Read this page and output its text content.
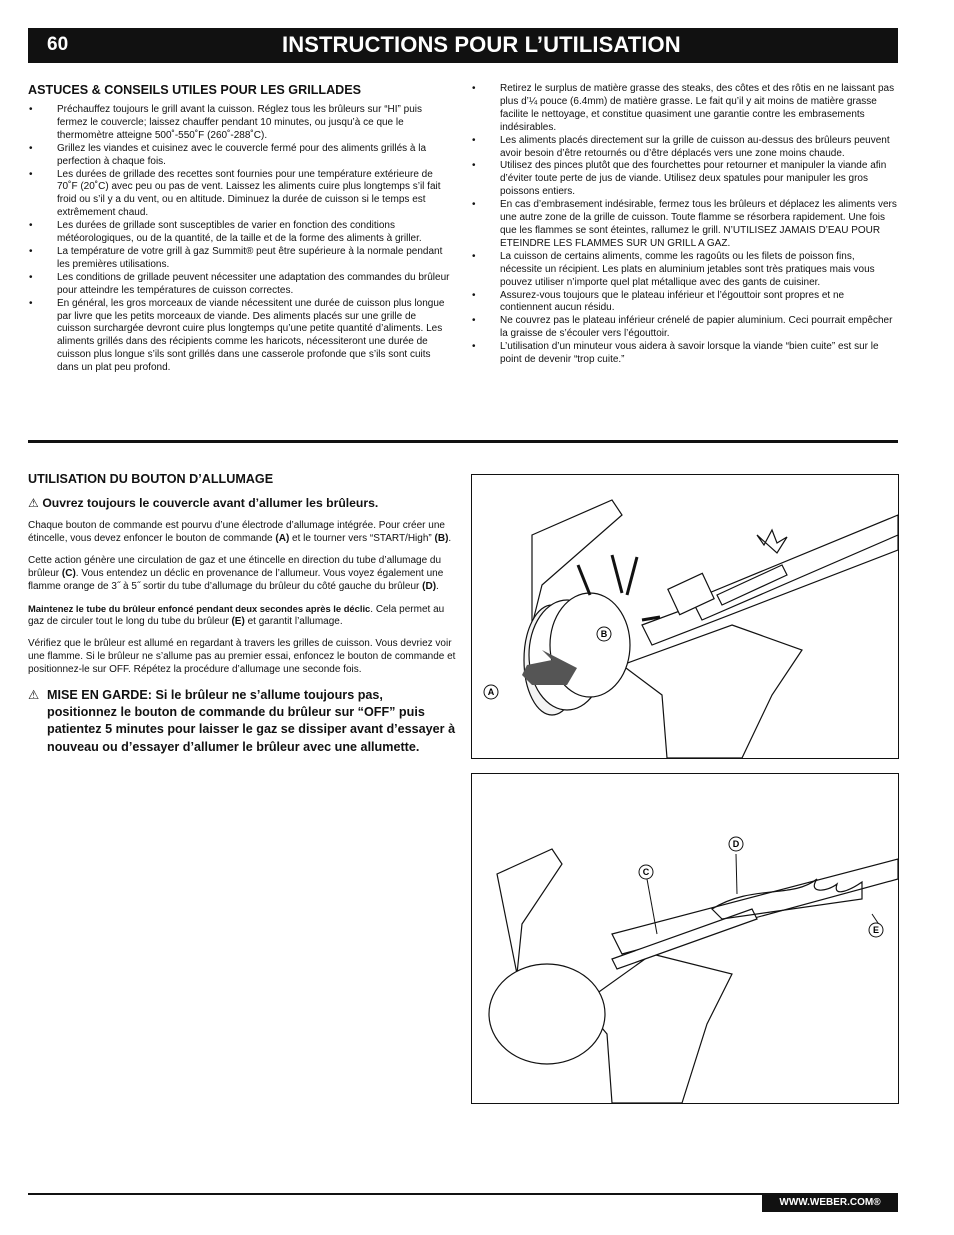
60	INSTRUCTIONS POUR L’UTILISATION
ASTUCES & CONSEILS UTILES POUR LES GRILLADES
• Préchauffez toujours le grill avant la cuisson. Réglez tous les brûleurs sur “HI” puis fermez le couvercle; laissez chauffer pendant 10 minutes, ou jusqu’à ce que le thermomètre atteigne 500˚-550˚F (260˚-288˚C).
• Grillez les viandes et cuisinez avec le couvercle fermé pour des aliments grillés à la perfection à chaque fois.
• Les durées de grillade des recettes sont fournies pour une température extérieure de 70˚F (20˚C) avec peu ou pas de vent. Laissez les aliments cuire plus longtemps s’il fait froid ou s’il y a du vent, ou en altitude. Diminuez la durée de cuisson si le temps est extrêmement chaud.
• Les durées de grillade sont susceptibles de varier en fonction des conditions météorologiques, ou de la quantité, de la taille et de la forme des aliments à griller.
• La température de votre grill à gaz Summit® peut être supérieure à la normale pendant les premières utilisations.
• Les conditions de grillade peuvent nécessiter une adaptation des commandes du brûleur pour atteindre les températures de cuisson correctes.
• En général, les gros morceaux de viande nécessitent une durée de cuisson plus longue par livre que les petits morceaux de viande. Des aliments placés sur une grille de cuisson surchargée devront cuire plus longtemps qu’une petite quantité d’aliments. Les aliments grillés dans des récipients comme les haricots, nécessiteront une durée de cuisson plus longue s’ils sont grillés dans une casserole profonde que s’ils sont cuits dans un plat peu profond.
• Retirez le surplus de matière grasse des steaks, des côtes et des rôtis en ne laissant pas plus d’¼ pouce (6.4mm) de matière grasse. Le fait qu’il y ait moins de matière grasse facilite le nettoyage, et constitue quasiment une garantie contre les embrasements indésirables.
• Les aliments placés directement sur la grille de cuisson au-dessus des brûleurs peuvent avoir besoin d’être retournés ou d’être déplacés vers une zone moins chaude.
• Utilisez des pinces plutôt que des fourchettes pour retourner et manipuler la viande afin d’éviter toute perte de jus de viande. Utilisez deux spatules pour manipuler les gros poissons entiers.
• En cas d’embrasement indésirable, fermez tous les brûleurs et déplacez les aliments vers une autre zone de la grille de cuisson. Toute flamme se résorbera rapidement. Une fois que les flammes se sont éteintes, rallumez le grill. N’UTILISEZ JAMAIS D’EAU POUR ETEINDRE LES FLAMMES SUR UN GRILL A GAZ.
• La cuisson de certains aliments, comme les ragoûts ou les filets de poisson fins, nécessite un récipient. Les plats en aluminium jetables sont très pratiques mais vous pouvez utiliser n’importe quel plat métallique avec des gants de cuisiner.
• Assurez-vous toujours que le plateau inférieur et l’égouttoir sont propres et ne contiennent aucun résidu.
• Ne couvrez pas le plateau inférieur crénelé de papier aluminium. Ceci pourrait empêcher la graisse de s’écouler vers l’égouttoir.
• L’utilisation d’un minuteur vous aidera à savoir lorsque la viande “bien cuite” est sur le point de devenir “trop cuite.”
UTILISATION DU BOUTON D’ALLUMAGE
⚠ Ouvrez toujours le couvercle avant d’allumer les brûleurs.

Chaque bouton de commande est pourvu d’une électrode d’allumage intégrée. Pour créer une étincelle, vous devez enfoncer le bouton de commande (A) et le tourner vers “START/High” (B).

Cette action génère une circulation de gaz et une étincelle en direction du tube d’allumage du brûleur (C). Vous entendez un déclic en provenance de l’allumeur. Vous voyez également une flamme orange de 3˝ à 5˝ sortir du tube d’allumage du brûleur du côté gauche du brûleur (D).

Maintenez le tube du brûleur enfoncé pendant deux secondes après le déclic. Cela permet au gaz de circuler tout le long du tube du brûleur (E) et garantit l’allumage.

Vérifiez que le brûleur est allumé en regardant à travers les grilles de cuisson. Vous devriez voir une flamme. Si le brûleur ne s’allume pas au premier essai, enfoncez le bouton de commande et positionnez-le sur OFF. Répétez la procédure d’allumage une seconde fois.

⚠ MISE EN GARDE: Si le brûleur ne s’allume toujours pas, positionnez le bouton de commande du brûleur sur “OFF” puis patientez 5 minutes pour laisser le gaz se dissiper avant d’essayer à nouveau ou d’essayer d’allumer le brûleur avec une allumette.
B
A
C
D
E
WWW.WEBER.COM®
